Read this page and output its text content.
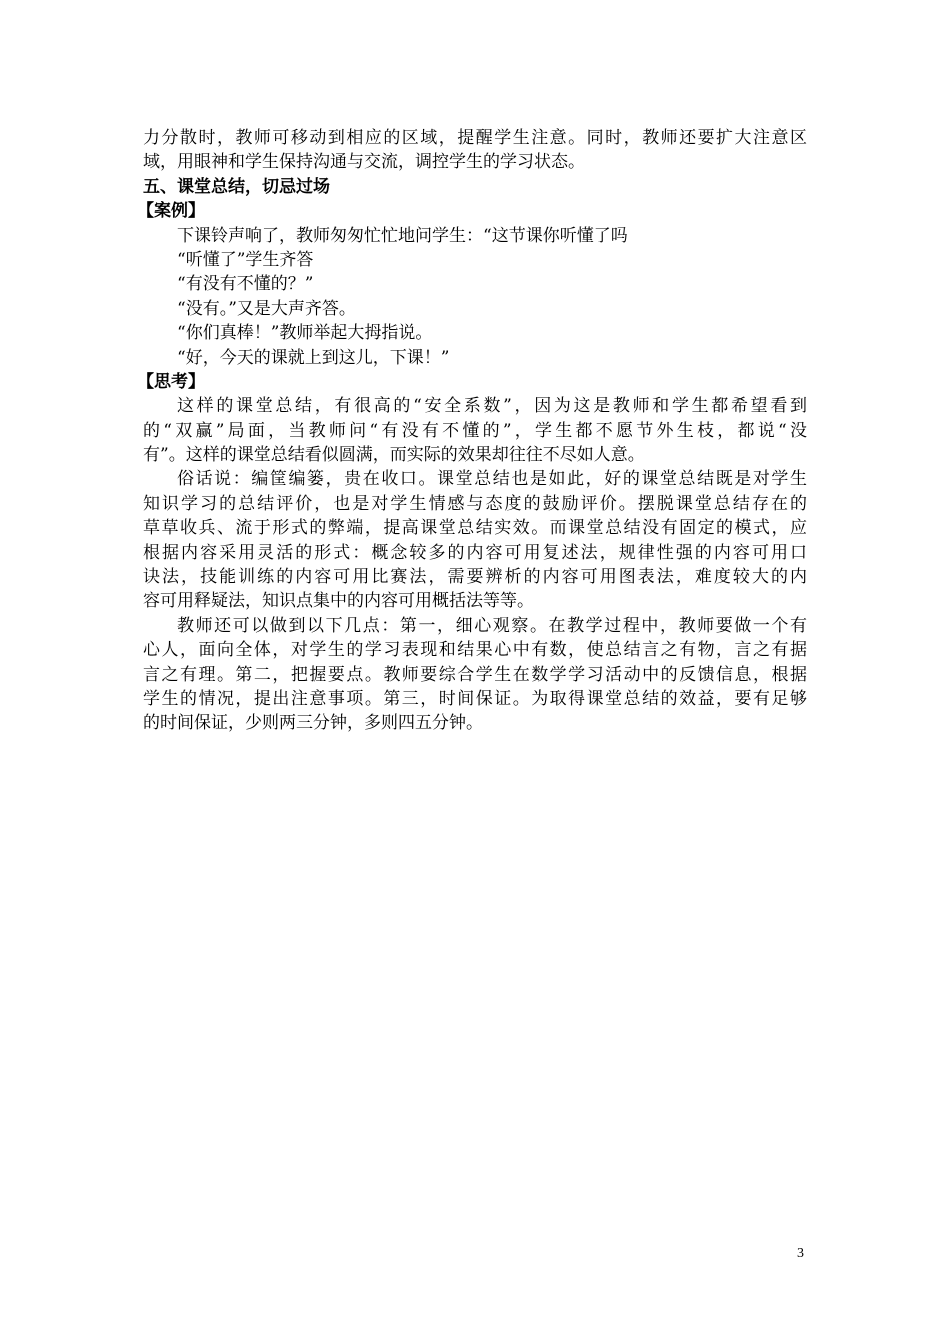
力分散时，教师可移动到相应的区域，提醒学生注意。同时，教师还要扩大注意区
域，用眼神和学生保持沟通与交流，调控学生的学习状态。
五、课堂总结，切忌过场
【案例】
下课铃声响了，教师匆匆忙忙地问学生：“这节课你听懂了吗
“听懂了”学生齐答
“有没有不懂的？”
“没有。”又是大声齐答。
“你们真棒！”教师举起大拇指说。
“好，今天的课就上到这儿，下课！”
【思考】
这样的课堂总结，有很高的“安全系数”，因为这是教师和学生都希望看到
的“双赢”局面，当教师问“有没有不懂的”，学生都不愿节外生枝，都说“没
有”。这样的课堂总结看似圆满，而实际的效果却往往不尽如人意。
俗话说：编筐编篓，贵在收口。课堂总结也是如此，好的课堂总结既是对学生
知识学习的总结评价，也是对学生情感与态度的鼓励评价。摆脱课堂总结存在的
草草收兵、流于形式的弊端，提高课堂总结实效。而课堂总结没有固定的模式，应
根据内容采用灵活的形式：概念较多的内容可用复述法，规律性强的内容可用口
诀法，技能训练的内容可用比赛法，需要辨析的内容可用图表法，难度较大的内
容可用释疑法，知识点集中的内容可用概括法等等。
教师还可以做到以下几点：第一，细心观察。在教学过程中，教师要做一个有
心人，面向全体，对学生的学习表现和结果心中有数，使总结言之有物，言之有据
言之有理。第二，把握要点。教师要综合学生在数学学习活动中的反馈信息，根据
学生的情况，提出注意事项。第三，时间保证。为取得课堂总结的效益，要有足够
的时间保证，少则两三分钟，多则四五分钟。
3
